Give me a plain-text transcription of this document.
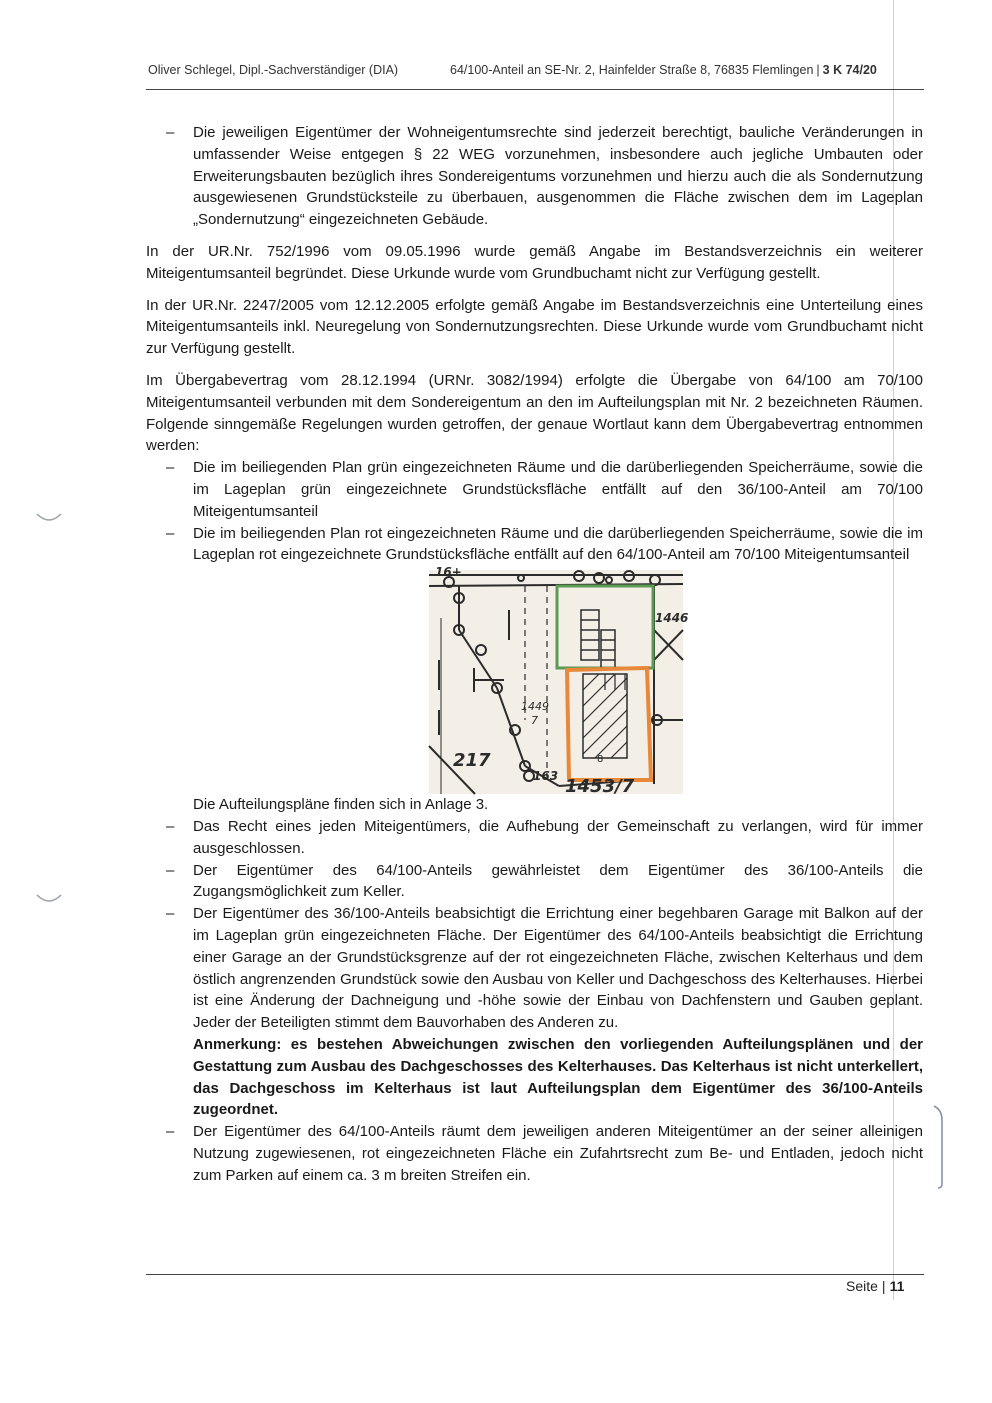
Oliver Schlegel, Dipl.-Sachverständiger (DIA)	64/100-Anteil an SE-Nr. 2, Hainfelder Straße 8, 76835 Flemlingen | 3 K 74/20
– Die jeweiligen Eigentümer der Wohneigentumsrechte sind jederzeit berechtigt, bauliche Veränderungen in umfassender Weise entgegen § 22 WEG vorzunehmen, insbesondere auch jegliche Umbauten oder Erweiterungsbauten bezüglich ihres Sondereigentums vorzunehmen und hierzu auch die als Sondernutzung ausgewiesenen Grundstücksteile zu überbauen, ausgenommen die Fläche zwischen dem im Lageplan „Sondernutzung“ eingezeichneten Gebäude.

In der UR.Nr. 752/1996 vom 09.05.1996 wurde gemäß Angabe im Bestandsverzeichnis ein weiterer Miteigentumsanteil begründet. Diese Urkunde wurde vom Grundbuchamt nicht zur Verfügung gestellt.

In der UR.Nr. 2247/2005 vom 12.12.2005 erfolgte gemäß Angabe im Bestandsverzeichnis eine Unterteilung eines Miteigentumsanteils inkl. Neuregelung von Sondernutzungsrechten. Diese Urkunde wurde vom Grundbuchamt nicht zur Verfügung gestellt.

Im Übergabevertrag vom 28.12.1994 (URNr. 3082/1994) erfolgte die Übergabe von 64/100 am 70/100 Miteigentumsanteil verbunden mit dem Sondereigentum an den im Aufteilungsplan mit Nr. 2 bezeichneten Räumen. Folgende sinngemäße Regelungen wurden getroffen, der genaue Wortlaut kann dem Übergabevertrag entnommen werden:

– Die im beiliegenden Plan grün eingezeichneten Räume und die darüberliegenden Speicherräume, sowie die im Lageplan grün eingezeichnete Grundstücksfläche entfällt auf den 36/100-Anteil am 70/100 Miteigentumsanteil
– Die im beiliegenden Plan rot eingezeichneten Räume und die darüberliegenden Speicherräume, sowie die im Lageplan rot eingezeichnete Grundstücksfläche entfällt auf den 64/100-Anteil am 70/100 Miteigentumsanteil
16+
1446
1449
7
217	8
163 1453/7

Die Aufteilungspläne finden sich in Anlage 3.

– Das Recht eines jeden Miteigentümers, die Aufhebung der Gemeinschaft zu verlangen, wird für immer ausgeschlossen.
– Der Eigentümer des 64/100-Anteils gewährleistet dem Eigentümer des 36/100-Anteils die Zugangsmöglichkeit zum Keller.
– Der Eigentümer des 36/100-Anteils beabsichtigt die Errichtung einer begehbaren Garage mit Balkon auf der im Lageplan grün eingezeichneten Fläche. Der Eigentümer des 64/100-Anteils beabsichtigt die Errichtung einer Garage an der Grundstücksgrenze auf der rot eingezeichneten Fläche, zwischen Kelterhaus und dem östlich angrenzenden Grundstück sowie den Ausbau von Keller und Dachgeschoss des Kelterhauses. Hierbei ist eine Änderung der Dachneigung und -höhe sowie der Einbau von Dachfenstern und Gauben geplant. Jeder der Beteiligten stimmt dem Bauvorhaben des Anderen zu.
Anmerkung: es bestehen Abweichungen zwischen den vorliegenden Aufteilungsplänen und der Gestattung zum Ausbau des Dachgeschosses des Kelterhauses. Das Kelterhaus ist nicht unterkellert, das Dachgeschoss im Kelterhaus ist laut Aufteilungsplan dem Eigentümer des 36/100-Anteils zugeordnet.
– Der Eigentümer des 64/100-Anteils räumt dem jeweiligen anderen Miteigentümer an der seiner alleinigen Nutzung zugewiesenen, rot eingezeichneten Fläche ein Zufahrtsrecht zum Be- und Entladen, jedoch nicht zum Parken auf einem ca. 3 m breiten Streifen ein.
Seite | 11
